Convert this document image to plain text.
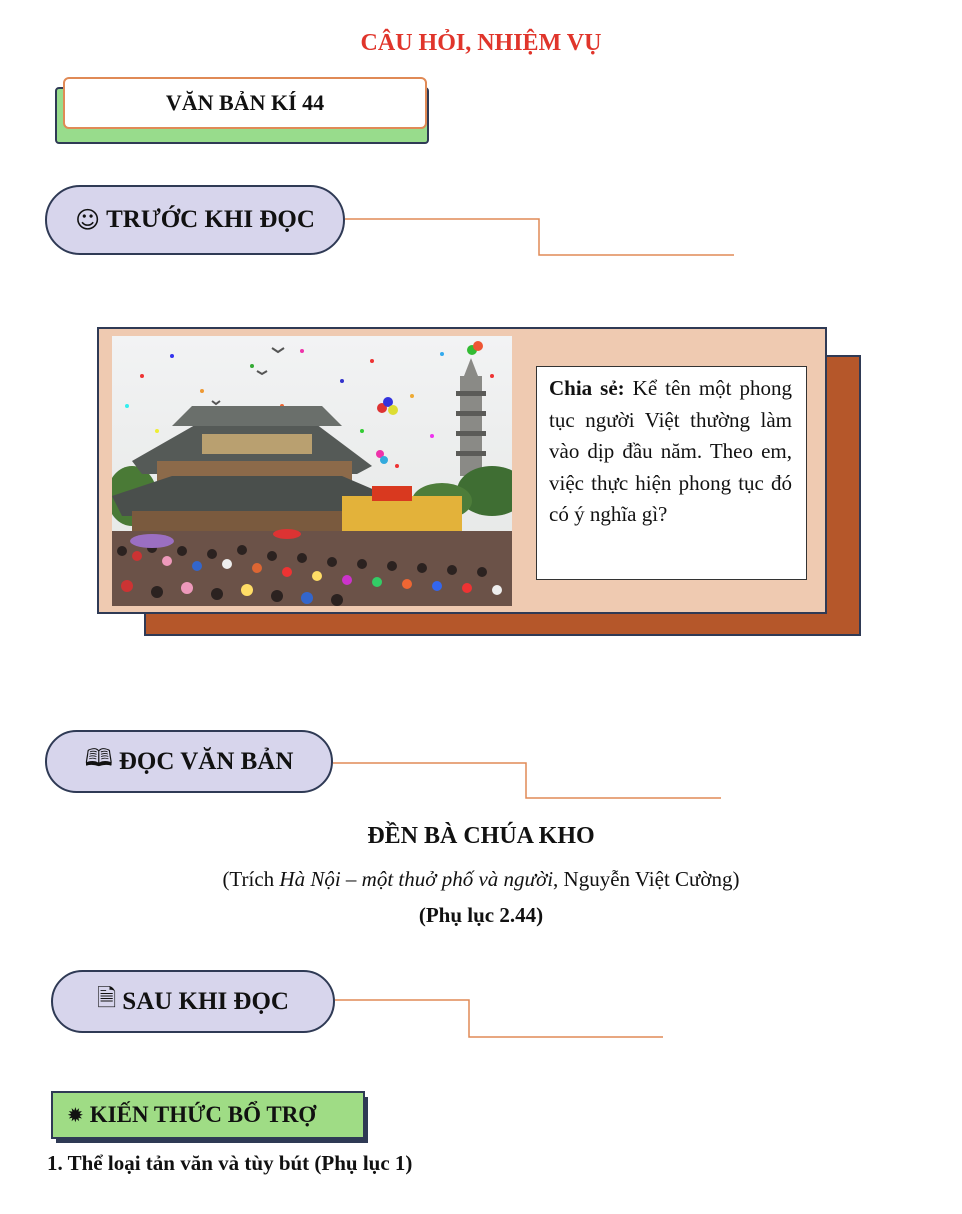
CÂU HỎI, NHIỆM VỤ
VĂN BẢN KÍ 44
☺ TRƯỚC KHI ĐỌC
Chia sẻ: Kể tên một phong tục người Việt thường làm vào dịp đầu năm. Theo em, việc thực hiện phong tục đó có ý nghĩa gì?
🕮 ĐỌC VĂN BẢN
ĐỀN BÀ CHÚA KHO
(Trích Hà Nội – một thuở phố và người, Nguyễn Việt Cường)
(Phụ lục 2.44)
🗎 SAU KHI ĐỌC
✹ KIẾN THỨC BỔ TRỢ
1. Thể loại tản văn và tùy bút (Phụ lục 1)
